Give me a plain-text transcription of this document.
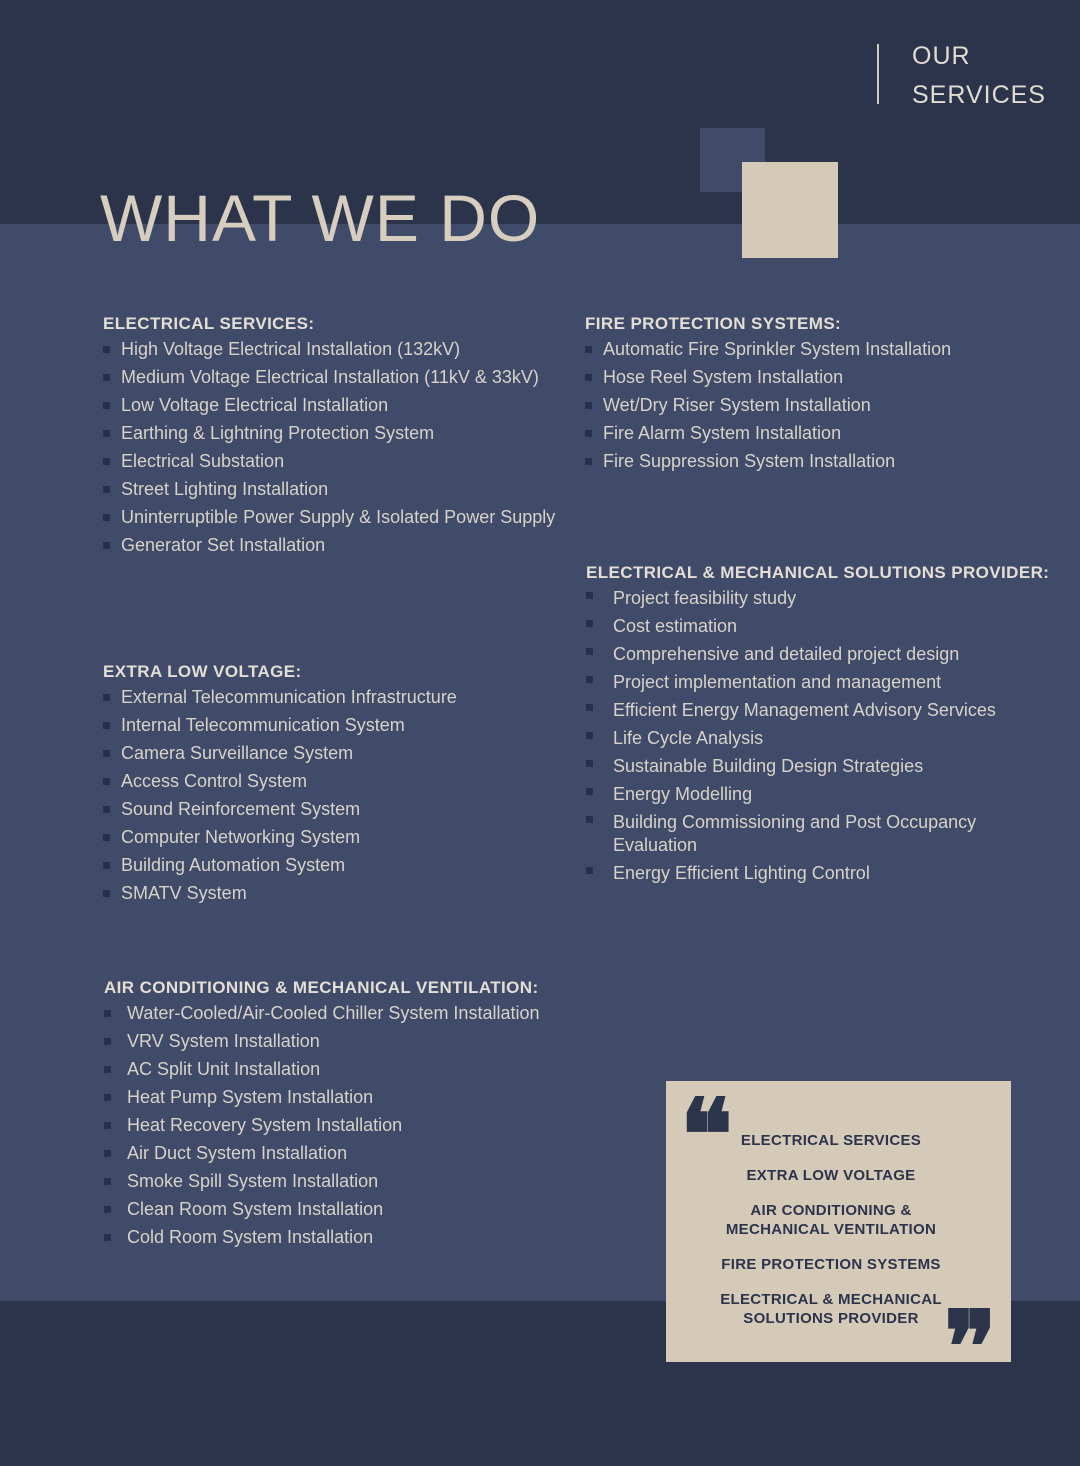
OUR
SERVICES
WHAT WE DO
ELECTRICAL SERVICES:
High Voltage Electrical Installation (132kV)
Medium Voltage Electrical Installation (11kV & 33kV)
Low Voltage Electrical Installation
Earthing & Lightning Protection System
Electrical Substation
Street Lighting Installation
Uninterruptible Power Supply & Isolated Power Supply
Generator Set Installation
FIRE PROTECTION SYSTEMS:
Automatic Fire Sprinkler System Installation
Hose Reel System Installation
Wet/Dry Riser System Installation
Fire Alarm System Installation
Fire Suppression System Installation
ELECTRICAL & MECHANICAL SOLUTIONS PROVIDER:
Project feasibility study
Cost estimation
Comprehensive and detailed project design
Project implementation and management
Efficient Energy Management Advisory Services
Life Cycle Analysis
Sustainable Building Design Strategies
Energy Modelling
Building Commissioning and Post Occupancy Evaluation
Energy Efficient Lighting Control
EXTRA LOW VOLTAGE:
External Telecommunication Infrastructure
Internal Telecommunication System
Camera Surveillance System
Access Control System
Sound Reinforcement System
Computer Networking System
Building Automation System
SMATV System
AIR CONDITIONING & MECHANICAL VENTILATION:
Water-Cooled/Air-Cooled Chiller System Installation
VRV System Installation
AC Split Unit Installation
Heat Pump System Installation
Heat Recovery System Installation
Air Duct System Installation
Smoke Spill System Installation
Clean Room System Installation
Cold Room System Installation
❝ ELECTRICAL SERVICES
EXTRA LOW VOLTAGE
AIR CONDITIONING &
MECHANICAL VENTILATION
FIRE PROTECTION SYSTEMS
ELECTRICAL & MECHANICAL
SOLUTIONS PROVIDER ❞
